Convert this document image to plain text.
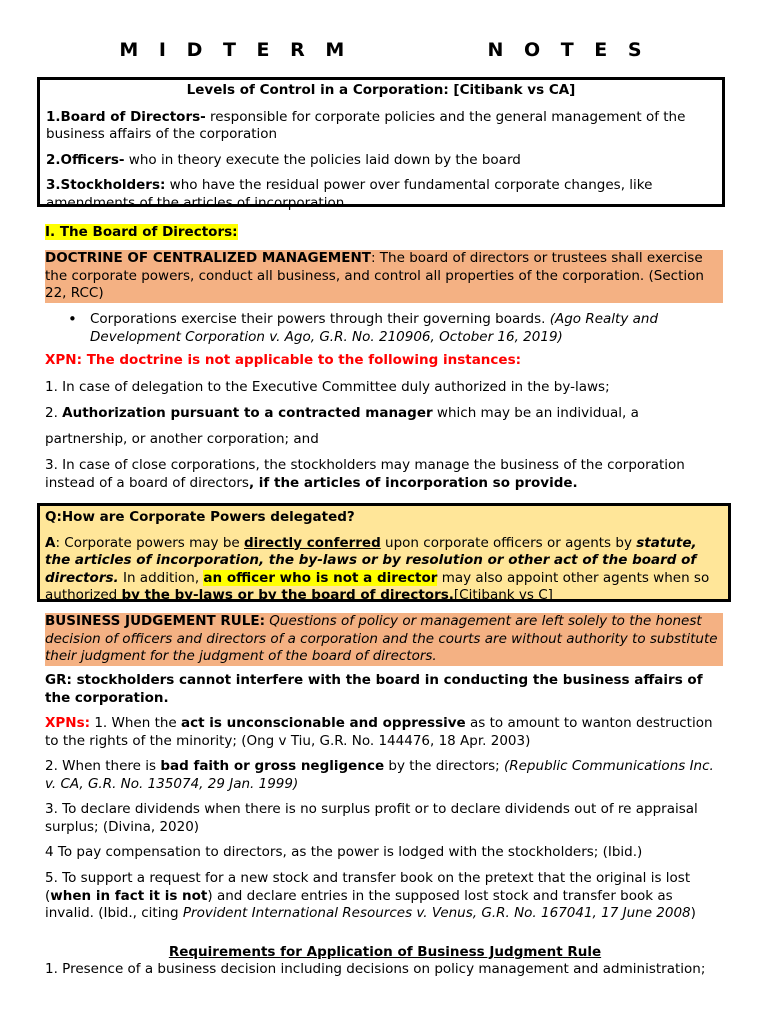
M I D T E R M          N O T E S
Levels of Control in a Corporation: [Citibank vs CA]

1.Board of Directors- responsible for corporate policies and the general management of the business affairs of the corporation

2.Officers- who in theory execute the policies laid down by the board

3.Stockholders: who have the residual power over fundamental corporate changes, like amendments of the articles of incorporation.

I. The Board of Directors:

DOCTRINE OF CENTRALIZED MANAGEMENT: The board of directors or trustees shall exercise the corporate powers, conduct all business, and control all properties of the corporation. (Section 22, RCC)

• Corporations exercise their powers through their governing boards. (Ago Realty and Development Corporation v. Ago, G.R. No. 210906, October 16, 2019)

XPN: The doctrine is not applicable to the following instances:

1. In case of delegation to the Executive Committee duly authorized in the by-laws;

2. Authorization pursuant to a contracted manager which may be an individual, a

partnership, or another corporation; and

3. In case of close corporations, the stockholders may manage the business of the corporation instead of a board of directors, if the articles of incorporation so provide.

Q:How are Corporate Powers delegated?

A: Corporate powers may be directly conferred upon corporate officers or agents by statute, the articles of incorporation, the by-laws or by resolution or other act of the board of directors. In addition, an officer who is not a director may also appoint other agents when so authorized by the by-laws or by the board of directors.[Citibank vs C]

BUSINESS JUDGEMENT RULE: Questions of policy or management are left solely to the honest decision of officers and directors of a corporation and the courts are without authority to substitute their judgment for the judgment of the board of directors.

GR: stockholders cannot interfere with the board in conducting the business affairs of the corporation.

XPNs: 1. When the act is unconscionable and oppressive as to amount to wanton destruction to the rights of the minority; (Ong v Tiu, G.R. No. 144476, 18 Apr. 2003)

2. When there is bad faith or gross negligence by the directors; (Republic Communications Inc. v. CA, G.R. No. 135074, 29 Jan. 1999)

3. To declare dividends when there is no surplus profit or to declare dividends out of re appraisal surplus; (Divina, 2020)

4 To pay compensation to directors, as the power is lodged with the stockholders; (Ibid.)

5. To support a request for a new stock and transfer book on the pretext that the original is lost (when in fact it is not) and declare entries in the supposed lost stock and transfer book as invalid. (Ibid., citing Provident International Resources v. Venus, G.R. No. 167041, 17 June 2008)

Requirements for Application of Business Judgment Rule

1. Presence of a business decision including decisions on policy management and administration;
